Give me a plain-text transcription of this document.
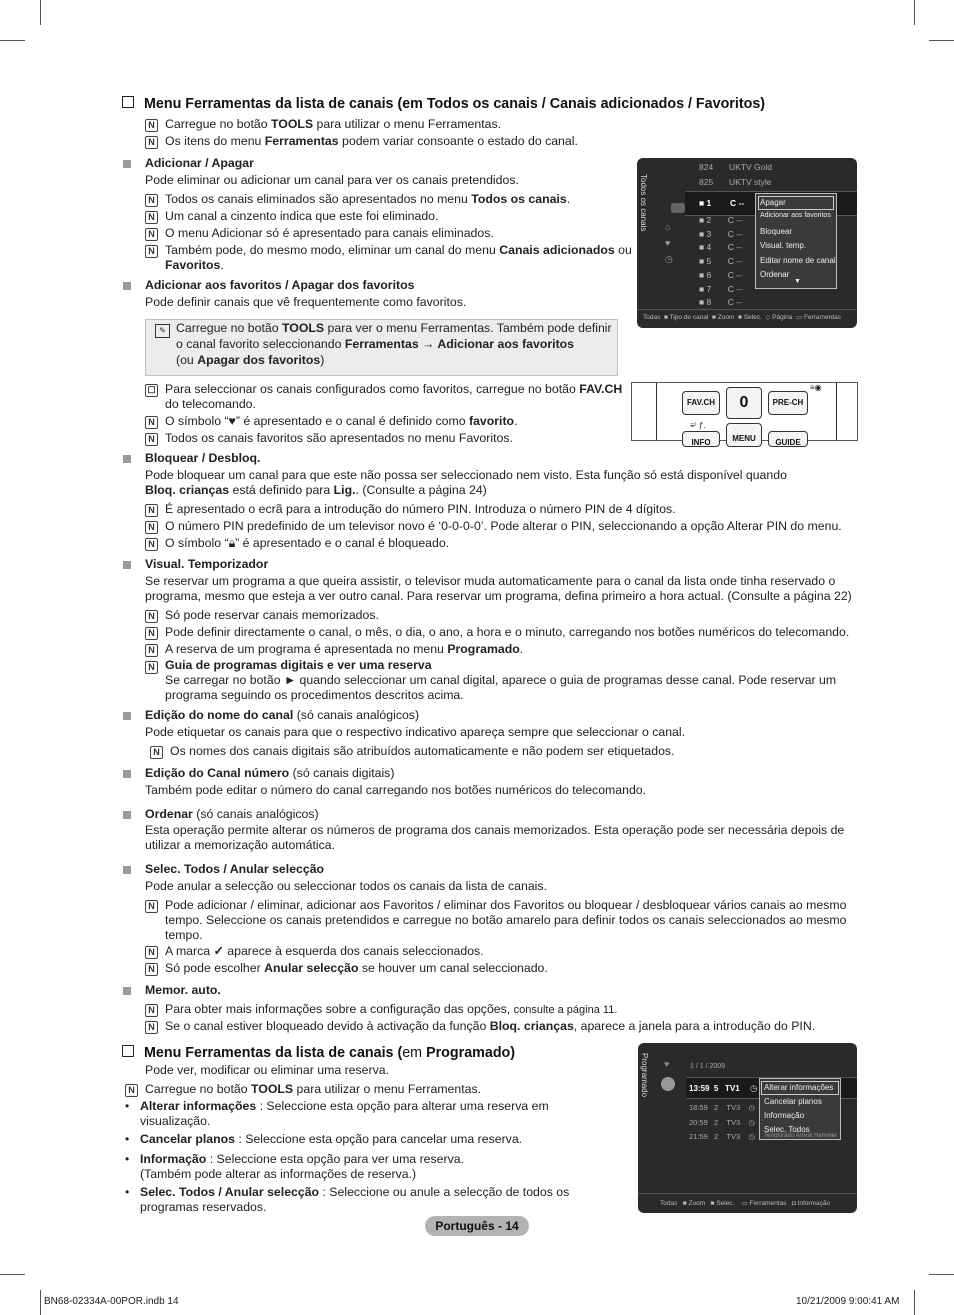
Menu Ferramentas da lista de canais (em Todos os canais / Canais adicionados / Favoritos)
N Carregue no botão TOOLS para utilizar o menu Ferramentas.
N Os itens do menu Ferramentas podem variar consoante o estado do canal.
Adicionar / Apagar
Pode eliminar ou adicionar um canal para ver os canais pretendidos.
N Todos os canais eliminados são apresentados no menu Todos os canais.
N Um canal a cinzento indica que este foi eliminado.
N O menu Adicionar só é apresentado para canais eliminados.
N Também pode, do mesmo modo, eliminar um canal do menu Canais adicionados ou
Favoritos.
Todos os canais ⌂
♥
◷
824 UKTV Gold
825 UKTV style
■ 1 C --
■ 2 C --
■ 3 C --
■ 4 C --
■ 5 C --
■ 6 C --
■ 7 C --
■ 8 C --
Apagar
Adicionar aos favoritos
Bloquear
Visual. temp.
Editar nome de canal
Ordenar
▼
Todas  ■ Tipo de canal  ■ Zoom  ■ Selec.  ◇ Página  ▭ Ferramentas
Adicionar aos favoritos / Apagar dos favoritos
Pode definir canais que vê frequentemente como favoritos.
✎ Carregue no botão TOOLS para ver o menu Ferramentas. Também pode definir
o canal favorito seleccionando Ferramentas → Adicionar aos favoritos
(ou Apagar dos favoritos)
☐ Para seleccionar os canais configurados como favoritos, carregue no botão FAV.CH
do telecomando.
N O símbolo “♥” é apresentado e o canal é definido como favorito.
N Todos os canais favoritos são apresentados no menu Favoritos.
FAV.CH	0	PRE-CH
≡◉
≡⁾ ƒ.
INFO	MENU	GUIDE
Bloquear / Desbloq.
Pode bloquear um canal para que este não possa ser seleccionado nem visto. Esta função só está disponível quando
Bloq. crianças está definido para Lig.. (Consulte a página 24)
N É apresentado o ecrã para a introdução do número PIN. Introduza o número PIN de 4 dígitos.
N O número PIN predefinido de um televisor novo é ‘0-0-0-0’. Pode alterar o PIN, seleccionando a opção Alterar PIN do menu.
N O símbolo “🔒︎” é apresentado e o canal é bloqueado.
Visual. Temporizador
Se reservar um programa a que queira assistir, o televisor muda automaticamente para o canal da lista onde tinha reservado o
programa, mesmo que esteja a ver outro canal. Para reservar um programa, defina primeiro a hora actual. (Consulte a página 22)
N Só pode reservar canais memorizados.
N Pode definir directamente o canal, o mês, o dia, o ano, a hora e o minuto, carregando nos botões numéricos do telecomando.
N A reserva de um programa é apresentada no menu Programado.
N Guia de programas digitais e ver uma reserva
Se carregar no botão ► quando seleccionar um canal digital, aparece o guia de programas desse canal. Pode reservar um
programa seguindo os procedimentos descritos acima.
Edição do nome do canal (só canais analógicos)
Pode etiquetar os canais para que o respectivo indicativo apareça sempre que seleccionar o canal.
N Os nomes dos canais digitais são atribuídos automaticamente e não podem ser etiquetados.
Edição do Canal número (só canais digitais)
Também pode editar o número do canal carregando nos botões numéricos do telecomando.
Ordenar (só canais analógicos)
Esta operação permite alterar os números de programa dos canais memorizados. Esta operação pode ser necessária depois de
utilizar a memorização automática.
Selec. Todos / Anular selecção
Pode anular a selecção ou seleccionar todos os canais da lista de canais.
N Pode adicionar / eliminar, adicionar aos Favoritos / eliminar dos Favoritos ou bloquear / desbloquear vários canais ao mesmo
tempo. Seleccione os canais pretendidos e carregue no botão amarelo para definir todos os canais seleccionados ao mesmo
tempo.
N A marca ✓ aparece à esquerda dos canais seleccionados.
N Só pode escolher Anular selecção se houver um canal seleccionado.
Memor. auto.
N Para obter mais informações sobre a configuração das opções, consulte a página 11.
N Se o canal estiver bloqueado devido à activação da função Bloq. crianças, aparece a janela para a introdução do PIN.
Menu Ferramentas da lista de canais (em Programado)
Pode ver, modificar ou eliminar uma reserva.
N Carregue no botão TOOLS para utilizar o menu Ferramentas.
• Alterar informações : Seleccione esta opção para alterar uma reserva em
visualização.
• Cancelar planos : Seleccione esta opção para cancelar uma reserva.
• Informação : Seleccione esta opção para ver uma reserva.
(Também pode alterar as informações de reserva.)
• Selec. Todos / Anular selecção : Seleccione ou anule a selecção de todos os
programas reservados.
Programado ♥	1 / 1 / 2009
13:59 5 TV1 ◷
18:59 2 TV3    ◷
20:59 2 TV3    ◷
21:59 2 TV3    ◷
Alterar informações
Cancelar planos
Informação
Selec. Todos
Temporário Arrival Hammer
Todas   ■ Zoom   ■ Selec.    ▭ Ferramentas   ◘ Informação
Português - 14
BN68-02334A-00POR.indb 14	10/21/2009 9:00:41 AM
